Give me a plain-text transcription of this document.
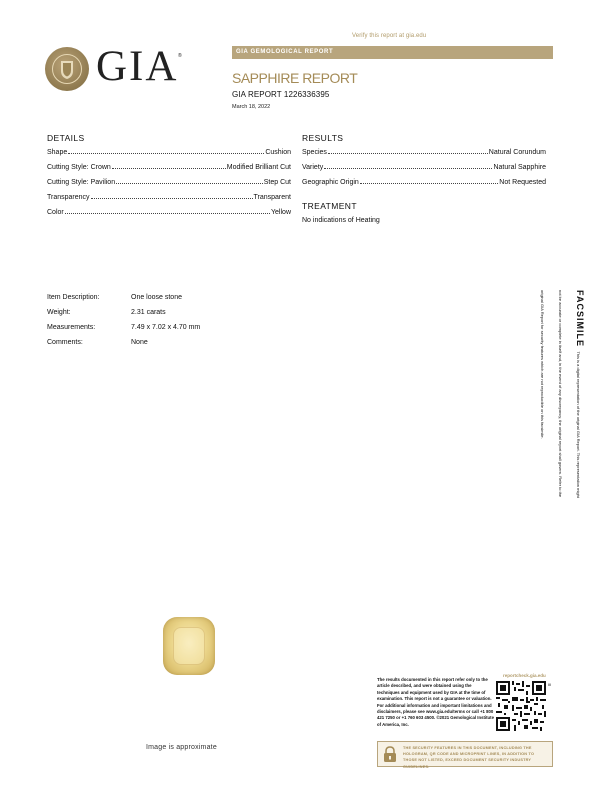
Verify this report at gia.edu
GIA ®
GIA GEMOLOGICAL REPORT
SAPPHIRE REPORT
GIA REPORT 1226336395
March 18, 2022
DETAILS
Shape	Cushion
Cutting Style: Crown	Modified Brilliant Cut
Cutting Style: Pavilion	Step Cut
Transparency	Transparent
Color	Yellow
RESULTS
Species	Natural Corundum
Variety	Natural Sapphire
Geographic Origin	Not Requested
TREATMENT
No indications of Heating
Item Description:	One loose stone
Weight:	2.31 carats
Measurements:	7.49 x 7.02 x 4.70 mm
Comments:	None	FACSIMILE This is a digital representation of the original GIA Report. This representation might not be accurate or complete in itself and, in the event of any discrepancy, the original report shall govern. Refer to the original GIA Report for security features which are not reproducible on this facsimile.
Image is approximate
The results documented in this report refer only to the article described, and were obtained using the techniques and equipment used by GIA at the time of examination. This report is not a guarantee or valuation. For additional information and important limitations and disclaimers, please see www.gia.edu/terms or call +1 800 421 7250 or +1 760 603 4500. ©2021 Gemological Institute of America, Inc.
reportcheck.gia.edu
III
THE SECURITY FEATURES IN THIS DOCUMENT, INCLUDING THE HOLOGRAM, QR CODE AND MICROPRINT LINES, IN ADDITION TO THOSE NOT LISTED, EXCEED DOCUMENT SECURITY INDUSTRY GUIDELINES.
